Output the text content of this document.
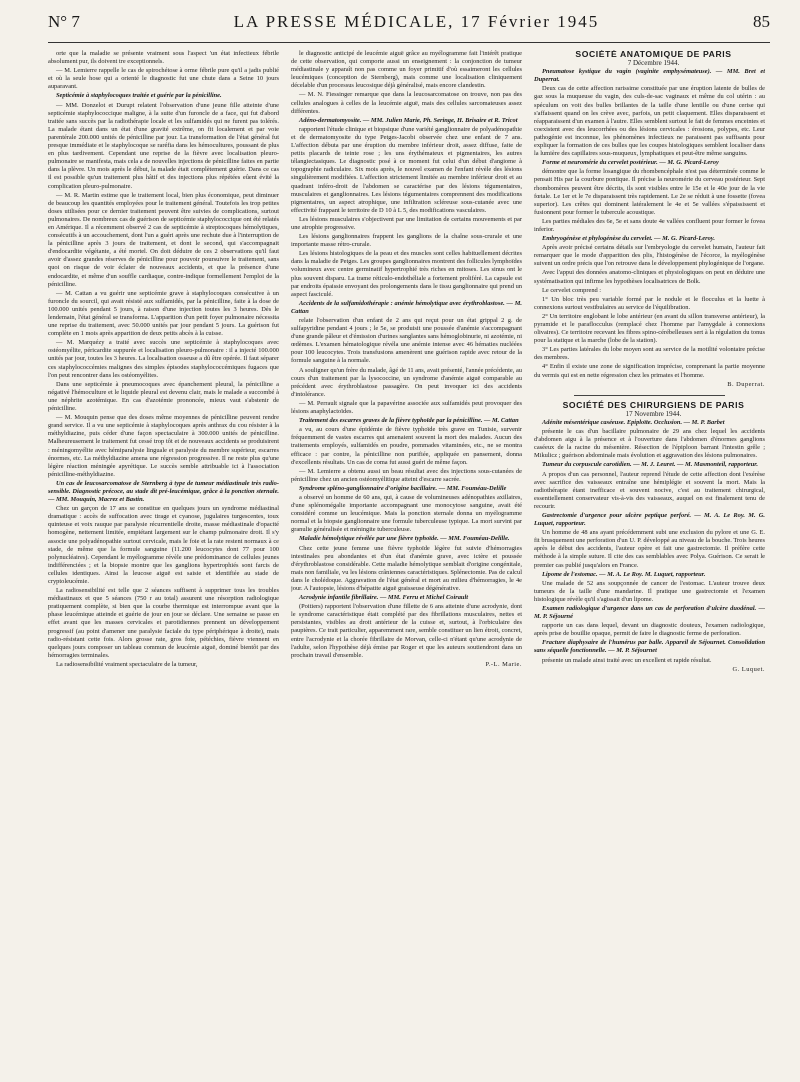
N° 7	LA PRESSE MÉDICALE, 17 Février 1945	85

orte que la maladie se présente vraiment sous l'aspect 'un état infectieux fébrile absolument pur, ils doivent tre exceptionnels.

— M. Lemierre rappelle le cas de spirochétose à orme fébrile pure qu'il a jadis publié et où la seule hose qui a orienté le diagnostic fut une chute dans a Seine 10 jours auparavant.

Septicémie à staphylocoques traitée et guérie par la pénicilline.

— MM. Donzelot et Durupt relatent l'observation d'une jeune fille atteinte d'une septicémie staphylococcique maligne, à la suite d'un furoncle de a face, qui fut d'abord traitée sans succès par la radiothérapie locale et les sulfamidés qui ne furent pas tolérés. La malade étant dans un état d'une gravité extrême, on fit localement et par voie parentérale 200.000 unités de pénicilline par jour. La transformation de l'état général fut presque immédiate et le staphylocoque se raréfia dans les hémocultures, poussant de plus en plus tardivement. Cependant une reprise de la fièvre avec localisation pleuro-pulmonaire se manifesta, mais cela a de nouvelles injections de pénicilline faites en partie dans la plèvre. Un mois après le début, la malade était complètement guérie. Dans ce cas il est possible qu'un traitement plus hâtif et des injections plus répétées eûent évité la complication pleuro-pulmonaire.

— M. R. Martin estime que le traitement local, bien plus économique, peut diminuer de beaucoup les quantités employées pour le traitement général. Toutefois les trop petites doses utilisées pour ce dernier traitement peuvent être suivies de complications, surtout pulmonaires. De nombreux cas de guérison de septicémie staphylococcique ont été relatés en Amérique. Il a récemment observé 2 cas de septicémie à streptocoques hémolytiques, consécutifs à un accouchement, dont l'un a guéri après une rechute due à l'interruption de la pénicilline après 3 jours de traitement, et dont le second, qui s'accompagnait d'endocardite végétante, a été mortel. On doit déduire de ces 2 observations qu'il faut avoir d'assez grandes réserves de pénicilline pour pouvoir poursuivre le traitement, sans quoi on risque de voir éclater de nouveaux accidents, et que la présence d'une endocardite, et même d'un souffle cardiaque, contre-indique formellement l'emploi de la pénicilline.

— M. Cattan a vu guérir une septicémie grave à staphylocoques consécutive à un furoncle du sourcil, qui avait résisté aux sulfamidés, par la pénicilline, faite à la dose de 100.000 unités pendant 5 jours, à raison d'une injection toutes les 3 heures. Dès le lendemain, l'état général se transforma. L'apparition d'un petit foyer pulmonaire nécessita une reprise du traitement, avec 50.000 unités par jour pendant 5 jours. La guérison fut complète en 1 mois après apparition de deux petits abcès à la cuisse.

— M. Marquézy a traité avec succès une septicémie à staphylocoques avec ostéomyélite, péricardite suppurée et localisation pleuro-pulmonaire : il a injecté 100.000 unités par jour, toutes les 3 heures. La localisation osseuse a dû être opérée. Il faut séparer ces staphylococcémies malignes des simples épisodes staphylococcémiques fugaces que l'on peut rencontrer dans les ostéomyélites.

Dans une septicémie à pneumocoques avec épanchement pleural, la pénicilline a négativé l'hémoculture et le liquide pleural est devenu clair, mais le malade a succombé à une néphrite azotémique. En cas d'azotémie prononcée, mieux vaut s'abstenir de pénicilline.

— M. Mouquin pense que des doses même moyennes de pénicilline peuvent rendre grand service. Il a vu une septicémie à staphylocoques après anthrax du cou résister à la méthyldiazine, puis céder d'une façon spectaculaire à 300.000 unités de pénicilline. Malheureusement le traitement fut cessé trop tôt et de nouveaux accidents se produisirent : méningomyélite avec hémiparalysie linguale et paralysie du membre supérieur, escarres énormes, etc. La méthyldiazine amena une régression progressive. Il ne reste plus qu'une légère réaction méningée apyrétique. Le succès semble attribuable ici à l'association pénicilline-méthyldiazine.

Un cas de leucosarcomatose de Sternberg à type de tumeur médiastinale très radio-sensible. Diagnostic précoce, au stade dit pré-leucémique, grâce à la ponction sternale. — MM. Mouquin, Macrez et Bastin.

Chez un garçon de 17 ans se constitue en quelques jours un syndrome médiastinal dramatique : accès de suffocation avec tirage et cyanose, jugulaires turgescentes, toux quinteuse et voix rauque par paralysie récurrentielle droite, masse médiastinale d'opacité homogène, nettement limitée, empiétant largement sur le champ pulmonaire droit. Il s'y associe une polyadénopathie surtout cervicale, mais le foie et la rate restent normaux à ce stade, de même que la formule sanguine (11.200 leucocytes dont 77 pour 100 polynucléaires). Cependant le myélogramme révèle une prédominance de cellules jeunes indifférenciées ; et la biopsie montre que les ganglions hypertrophiés sont farcis de cellules identiques. Ainsi la leucose aiguë est saisie et identifiée au stade de cryptoleucémie.

La radiosensibilité est telle que 2 séances suffisent à supprimer tous les troubles médiastinaux et que 5 séances (750 r au total) assurent une résorption radiologique pratiquement complète, si bien que la courbe thermique est interrompue avant que la phase leucémique atteinde et guérie de jour en jour se déclare. Une semaine se passe en effet avant que les masses cervicales et parotidiennes prennent un développement progressif (au point d'amener une paralysie faciale du type périphérique à droite), mais radio-résistant cette fois. Alors grosse rate, gros foie, pétéchies, fièvre viennent en quelques jours composer un tableau commun de leucémie aiguë, dominé bientôt par des hémorragies terminales.

La radiosensibilité vraiment spectaculaire de la tumeur,

le diagnostic anticipé de leucémie aiguë grâce au myélogramme fait l'intérêt pratique de cette observation, qui comporte aussi un enseignement : la conjonction de tumeur médiastinale y apparaît non pas comme un foyer primitif d'où essaimeront les cellules leucémiques (conception de Sternberg), mais comme une localisation cliniquement décelable d'un processus leucosique déjà généralisé, mais encore clandestin.

— M. N. Fiessinger remarque que dans la leucosarcomatose on trouve, non pas des cellules analogues à celles de la leucémie aiguë, mais des cellules sarcomateuses assez différentes.

Adéno-dermatomyosite. — MM. Julien Marie, Ph. Seringe, H. Brisaire et R. Tricot

rapportent l'étude clinique et biopsique d'une variété ganglionnaire de polyadénopathie et de dermatomyosite du type Petges-Jacobi observée chez une enfant de 7 ans. L'affection débuta par une éruption du membre inférieur droit, assez diffuse, faite de petits placards de teinte rose ; les uns érythémateux et pigmentaires, les autres télangiectasiques. Le diagnostic posé à ce moment fut celui d'un début d'angiome à topographie radiculaire. Six mois après, le nouvel examen de l'enfant révèle des lésions singulièrement modifiées. L'affection strictement limitée au membre inférieur droit et au quadrant inféro-droit de l'abdomen se caractérise par des lésions tégumentaires, musculaires et ganglionnaires. Les lésions tégumentaires comprennent des modifications pigmentaires, un aspect atrophique, une infiltration scléreuse sous-cutanée avec une effectivité frappant le territoire de D 10 à L 5, des modifications vasculaires.

Les lésions musculaires s'objectivent par une limitation de certains mouvements et par une atrophie progressive.

Les lésions ganglionnaires frappent les ganglions de la chaîne sous-crurale et une importante masse rétro-crurale.

Les lésions histologiques de la peau et des muscles sont celles habituellement décrites dans la maladie de Petges. Les groupes ganglionnaires montrent des follicules lymphoïdes volumineux avec centre germinatif hypertrophié très riches en mitoses. Les sinus ont le plus souvent disparu. La trame réticulo-endothéliale a fortement proliféré. La capsule est par endroits épaissie envoyant des prolongements dans le tissu ganglionnaire qui prend un aspect fasciculé.

Accidents de la sulfamidothérapie : anémie hémolytique avec érythroblastose. — M. Cattan

relate l'observation d'un enfant de 2 ans qui reçut pour un état grippal 2 g. de sulfapyridine pendant 4 jours ; le 5e, se produisit une poussée d'anémie s'accompagnant d'une grande pâleur et d'émission d'urines sanglantes sans hémoglobinurie, ni azotémie, ni œdèmes. L'examen hématologique révéla une anémie intense avec 46 hématies nucléées pour 100 leucocytes. Trois transfusions amenèrent une guérison rapide avec retour de la formule sanguine à la normale.

A souligner qu'un frère du malade, âgé de 11 ans, avait présenté, l'année précédente, au cours d'un traitement par la lysococcine, un syndrome d'anémie aiguë comparable au précédent avec érythroblastose passagère. On peut invoquer ici des accidents d'intolérance.

— M. Perrault signale que la papavérine associée aux sulfamidés peut provoquer des lésions anaphylactoïdes.

Traitement des escarres graves de la fièvre typhoïde par la pénicilline. — M. Cattan

a vu, au cours d'une épidémie de fièvre typhoïde très grave en Tunisie, survenir fréquemment de vastes escarres qui amenaient souvent la mort des malades. Aucun des traitements employés, sulfamidés en poudre, pommades vitaminées, etc., ne se montra efficace : par contre, la pénicilline non purifiée, appliquée en pansement, donna d'excellents résultats. Un cas de coma fut aussi guéri de même façon.

— M. Lemierre a obtenu aussi un beau résultat avec des injections sous-cutanées de pénicilline chez un ancien ostéomyélitique atteint d'escarre sacrée.

Syndrome spléno-ganglionnaire d'origine bacillaire. — MM. Fouméau-Delille

a observé un homme de 60 ans, qui, à cause de volumineuses adénopathies axillaires, d'une splénomégalie importante accompagnant une monocytose sanguine, avait été considéré comme un leucémique. Mais la ponction sternale donna un myélogramme normal et la biopsie ganglionnaire une formule tuberculeuse typique. La mort survint par granulie généralisée et méningite tuberculeuse.

Maladie hémolytique révélée par une fièvre typhoïde. — MM. Fouméau-Delille.

Chez cette jeune femme une fièvre typhoïde légère fut suivie d'hémorragies intestinales peu abondantes et d'un état d'anémie grave, avec ictère et poussée d'érythroblastose considérable. Cette maladie hémolytique semblait d'origine congénitale, mais non familiale, vu les lésions crâniennes caractéristiques. Splénectomie. Pas de calcul dans le cholédoque. Aggravation de l'état général et mort au milieu d'hémorragies, le 4e jour. A l'autopsie, lésions d'hépatite aiguë graisseuse dégénérative.

Acrodynie infantile fibrillaire. — MM. Ferru et Michel Coirault

(Poitiers) rapportent l'observation d'une fillette de 6 ans atteinte d'une acrodynie, dont le syndrome caractéristique était complété par des fibrillations musculaires, nettes et persistantes, visibles au droit antérieur de la cuisse et, surtout, à l'orbiculaire des paupières. Ce trait particulier, apparemment rare, semble constituer un lien étroit, concret, entre l'acrodynie et la chorée fibrillaire de Morvan, celle-ci n'étant qu'une acrodynie de l'adulte, selon l'hypothèse déjà émise par Roger et que les auteurs soutiendront dans un prochain travail d'ensemble.

P.-L. Marie.

SOCIÉTÉ ANATOMIQUE DE PARIS

7 Décembre 1944.

Pneumatose kystique du vagin (vaginite emphysémateuse). — MM. Bret et Duperrat.

Deux cas de cette affection rarissime constituée par une éruption latente de bulles de gaz sous la muqueuse du vagin, des culs-de-sac vaginaux et même du col utérin : au spéculum on voit des bulles brillantes de la taille d'une lentille ou d'une cerise qui s'affaissent quand on les crève avec, parfois, un petit claquement. Elles disparaissent et réapparaissent d'un examen à l'autre. Elles semblent surtout le fait de femmes enceintes et coexistent avec des leucorrhées ou des lésions cervicales : érosions, polypes, etc. Leur pathogénie est inconnue, les phénomènes infectieux ne paraissent pas suffisants pour expliquer la formation de ces bulles que les coupes histologiques semblent localiser dans la lumière des capillaires sous-muqueux, lymphatiques et peut-être même sanguins.

Forme et neuromérie du cervelet postérieur. — M. G. Picard-Leroy

démontre que la forme losangique du rhombencéphale n'est pas déterminée comme le pensait His par la courbure pontique. Il précise la neuromérie du cerveau postérieur. Sept rhombomères peuvent être décrits, ils sont visibles entre le 15e et le 40e jour de la vie fœtale. Le 1er et le 7e disparaissent très rapidement. Le 2e se réduit à une fossette (fovea superior). Les crêtes qui dominent latéralement le 4e et 5e vallées s'épaississent et fusionnent pour former le tubercule acoustique.

Les parties médiales des 6e, 5e et sans doute 4e vallées confluent pour former le fovea inferior.

Embryogénèse et phylogénèse du cervelet. — M. G. Picard-Leroy.

Après avoir précisé certains détails sur l'embryologie du cervelet humain, l'auteur fait remarquer que le mode d'apparition des plis, l'histogénèse de l'écorce, la myélogénèse suivent un ordre précis que l'on retrouve dans le développement phylogénique de l'organe.

Avec l'appui des données anatomo-cliniques et physiologiques on peut en déduire une systématisation qui infirme les hypothèses localisatrices de Bolk.

Le cervelet comprend :

1° Un bloc très peu variable formé par le nodule et le flocculus et la luette à connexions surtout vestibulaires au service de l'équilibration.

2° Un territoire englobant le lobe antérieur (en avant du sillon transverse antérieur), la pyramide et le paraflocculus (remplacé chez l'homme par l'amygdale à connexions olivaires). Ce territoire recevant les fibres spino-cérébelleuses sert à la régulation du tonus pour la statique et la marche (lobe de la station).

3° Les parties latérales du lobe moyen sont au service de la motilité volontaire précise des membres.

4° Enfin il existe une zone de signification imprécise, comprenant la partie moyenne du vermis qui est en nette régression chez les primates et l'homme.

B. Duperrat.

SOCIÉTÉ DES CHIRURGIENS DE PARIS

17 Novembre 1944.

Adénite mésentérique caséeuse. Epiploïte. Occlusion. — M. P. Barbet

présente le cas d'un bacillaire pulmonaire de 29 ans chez lequel les accidents d'abdomen aigu à la présence et à l'ouverture dans l'abdomen d'énormes ganglions caséeux de la racine du mésentère. Résection de l'épiploon barrant l'intestin grêle ; Mikulicz ; guérison abdominale mais évolution et aggravation des lésions pulmonaires.

Tumeur du corpuscule carotidien. — M. J. Leuret. — M. Masmonteil, rapporteur.

A propos d'un cas personnel, l'auteur reprend l'étude de cette affection dont l'exérèse avec sacrifice des vaisseaux entraîne une hémiplégie et souvent la mort. Mais la radiothérapie étant inefficace et souvent nocive, c'est au traitement chirurgical, essentiellement conservateur vis-à-vis des vaisseaux, auquel on est finalement tenu de recourir.

Gastrectomie d'urgence pour ulcère peptique perforé. — M. A. Le Roy. M. G. Luquet, rapporteur.

Un homme de 48 ans ayant précédemment subi une exclusion du pylore et une G. E. fit brusquement une perforation d'un U. P. développé au niveau de la bouche. Trois heures après le début des accidents, l'auteur opère et fait une gastrectomie. Il préfère cette méthode à la simple suture. Il cite des cas semblables avec Polya. Guérison. Ce serait le premier cas publié jusqu'alors en France.

Lipome de l'estomac. — M. A. Le Roy. M. Luquet, rapporteur.

Une malade de 52 ans soupçonnée de cancer de l'estomac. L'auteur trouve deux tumeurs de la taille d'une mandarine. Il pratique une gastrectomie et l'examen histologique révèle qu'il s'agissait d'un lipome.

Examen radiologique d'urgence dans un cas de perforation d'ulcère duodénal. — M. P. Séjourné

rapporte un cas dans lequel, devant un diagnostic douteux, l'examen radiologique, après prise de bouillie opaque, permit de faire le diagnostic ferme de perforation.

Fracture diaphysaire de l'humérus par balle. Appareil de Séjournet. Consolidation sans séquelle fonctionnelle. — M. P. Séjournet

présente un malade ainsi traité avec un excellent et rapide résultat.

G. Luquet.
